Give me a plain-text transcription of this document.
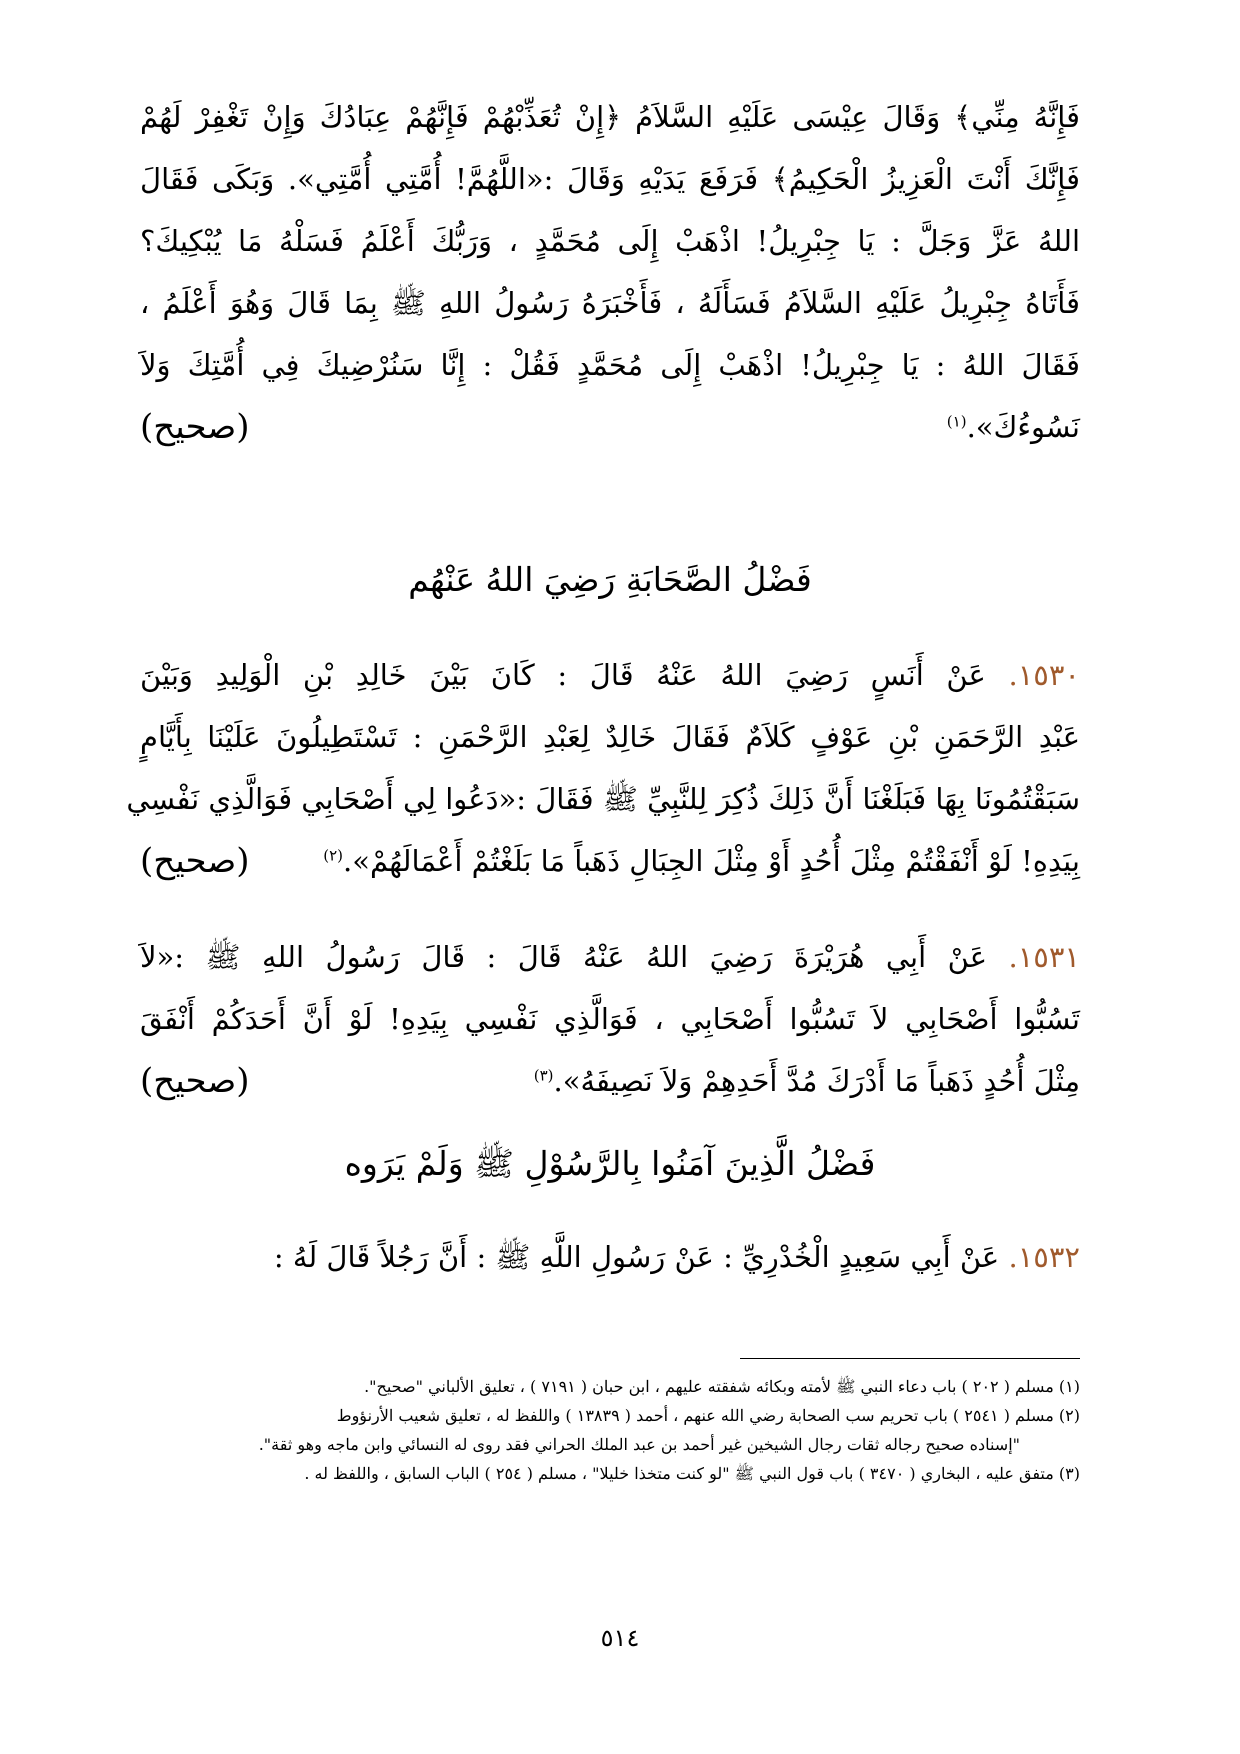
فَإِنَّهُ مِنِّي﴾ وَقَالَ عِيْسَى عَلَيْهِ السَّلاَمُ ﴿إِنْ تُعَذِّبْهُمْ فَإِنَّهُمْ عِبَادُكَ وَإِنْ تَغْفِرْ لَهُمْ
فَإِنَّكَ أَنْتَ الْعَزِيزُ الْحَكِيمُ﴾ فَرَفَعَ يَدَيْهِ وَقَالَ :«اللَّهُمَّ! أُمَّتِي أُمَّتِي». وَبَكَى فَقَالَ
اللهُ عَزَّ وَجَلَّ : يَا جِبْرِيلُ! اذْهَبْ إِلَى مُحَمَّدٍ ، وَرَبُّكَ أَعْلَمُ فَسَلْهُ مَا يُبْكِيكَ؟
فَأَتَاهُ جِبْرِيلُ عَلَيْهِ السَّلاَمُ فَسَأَلَهُ ، فَأَخْبَرَهُ رَسُولُ اللهِ ﷺ بِمَا قَالَ وَهُوَ أَعْلَمُ ،
فَقَالَ اللهُ : يَا جِبْرِيلُ! اذْهَبْ إِلَى مُحَمَّدٍ فَقُلْ : إِنَّا سَنُرْضِيكَ فِي أُمَّتِكَ وَلاَ
نَسُوءُكَ».$^{(١)}$
(صحيح)
فَضْلُ الصَّحَابَةِ رَضِيَ اللهُ عَنْهُم
١٥٣٠. عَنْ أَنَسٍ رَضِيَ اللهُ عَنْهُ قَالَ : كَانَ بَيْنَ خَالِدِ بْنِ الْوَلِيدِ وَبَيْنَ
عَبْدِ الرَّحَمَنِ بْنِ عَوْفٍ كَلاَمٌ فَقَالَ خَالِدٌ لِعَبْدِ الرَّحْمَنِ : تَسْتَطِيلُونَ عَلَيْنَا بِأَيَّامٍ
سَبَقْتُمُونَا بِهَا فَبَلَغْنَا أَنَّ ذَلِكَ ذُكِرَ لِلنَّبِيِّ ﷺ فَقَالَ :«دَعُوا لِي أَصْحَابِي فَوَالَّذِي نَفْسِي
بِيَدِهِ! لَوْ أَنْفَقْتُمْ مِثْلَ أُحُدٍ أَوْ مِثْلَ الجِبَالِ ذَهَباً مَا بَلَغْتُمْ أَعْمَالَهُمْ».$^{(٢)}$
(صحيح)
١٥٣١. عَنْ أَبِي هُرَيْرَةَ رَضِيَ اللهُ عَنْهُ قَالَ : قَالَ رَسُولُ اللهِ ﷺ :«لاَ
تَسُبُّوا أَصْحَابِي لاَ تَسُبُّوا أَصْحَابِي ، فَوَالَّذِي نَفْسِي بِيَدِهِ! لَوْ أَنَّ أَحَدَكُمْ أَنْفَقَ
مِثْلَ أُحُدٍ ذَهَباً مَا أَدْرَكَ مُدَّ أَحَدِهِمْ وَلاَ نَصِيفَهُ».$^{(٣)}$
(صحيح)
فَضْلُ الَّذِينَ آمَنُوا بِالرَّسُوْلِ ﷺ وَلَمْ يَرَوه
١٥٣٢. عَنْ أَبِي سَعِيدٍ الْخُدْرِيِّ : عَنْ رَسُولِ اللَّهِ ﷺ : أَنَّ رَجُلاً قَالَ لَهُ :
(١) مسلم ( ٢٠٢ ) باب دعاء النبي ﷺ لأمته وبكائه شفقته عليهم ، ابن حبان ( ٧١٩١ ) ، تعليق الألباني "صحيح".
(٢) مسلم ( ٢٥٤١ ) باب تحريم سب الصحابة رضي الله عنهم ، أحمد ( ١٣٨٣٩ ) واللفظ له ، تعليق شعيب الأرنؤوط
"إسناده صحيح رجاله ثقات رجال الشيخين غير أحمد بن عبد الملك الحراني فقد روى له النسائي وابن ماجه وهو ثقة".
(٣) متفق عليه ، البخاري ( ٣٤٧٠ ) باب قول النبي ﷺ "لو كنت متخذا خليلا" ، مسلم ( ٢٥٤ ) الباب السابق ، واللفظ له .
٥١٤
